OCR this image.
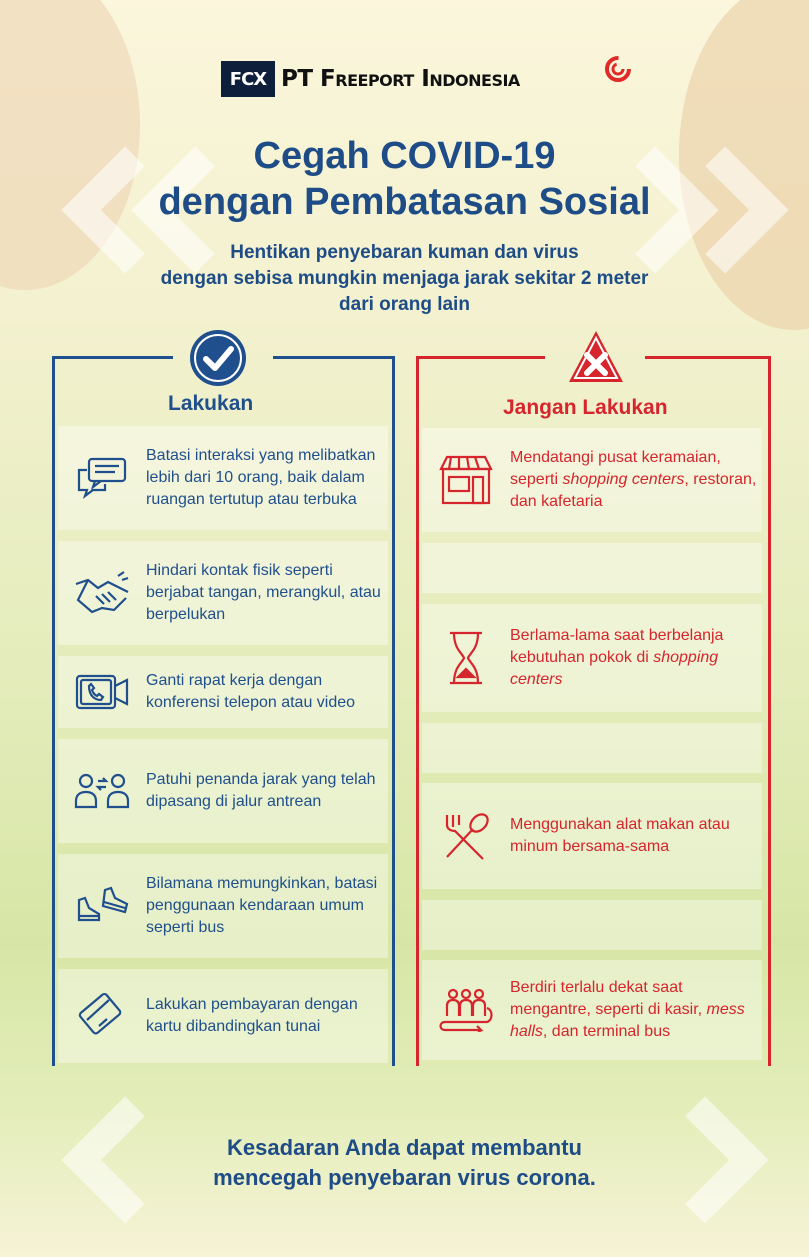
FCX PT Freeport Indonesia
Cegah COVID-19
dengan Pembatasan Sosial
Hentikan penyebaran kuman dan virus
dengan sebisa mungkin menjaga jarak sekitar 2 meter
dari orang lain
Lakukan
Batasi interaksi yang melibatkan lebih dari 10 orang, baik dalam ruangan tertutup atau terbuka
Hindari kontak fisik seperti berjabat tangan, merangkul, atau berpelukan
Ganti rapat kerja dengan konferensi telepon atau video
Patuhi penanda jarak yang telah dipasang di jalur antrean
Bilamana memungkinkan, batasi penggunaan kendaraan umum seperti bus
Lakukan pembayaran dengan kartu dibandingkan tunai
Jangan Lakukan
Mendatangi pusat keramaian, seperti shopping centers, restoran, dan kafetaria
Berlama-lama saat berbelanja kebutuhan pokok di shopping centers
Menggunakan alat makan atau minum bersama-sama
Berdiri terlalu dekat saat mengantre, seperti di kasir, mess halls, dan terminal bus
Kesadaran Anda dapat membantu
mencegah penyebaran virus corona.
